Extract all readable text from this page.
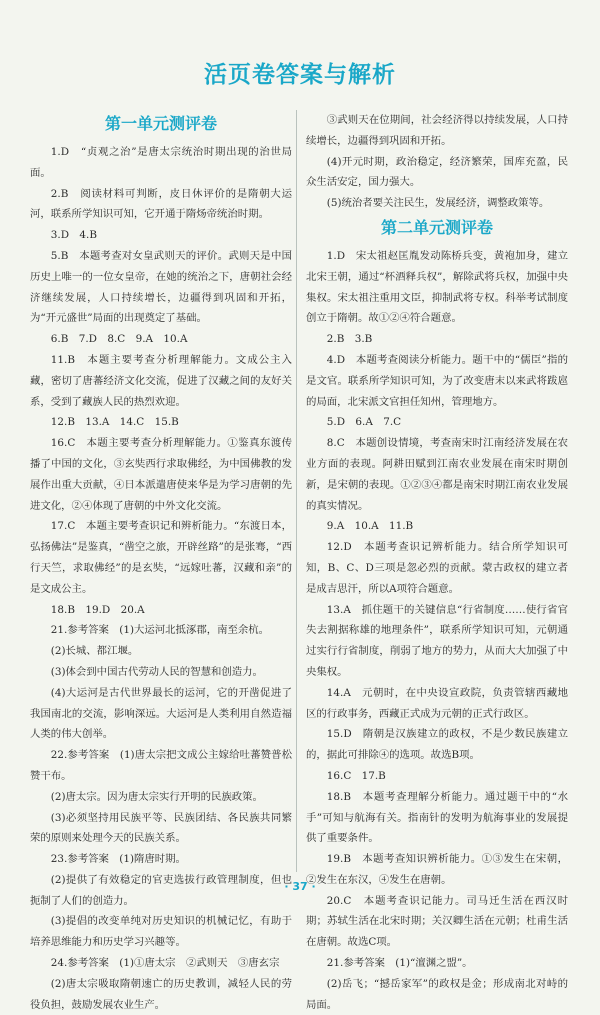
活页卷答案与解析
第一单元测评卷

1.D　“贞观之治”是唐太宗统治时期出现的治世局面。

2.B　阅读材料可判断，皮日休评价的是隋朝大运河，联系所学知识可知，它开通于隋炀帝统治时期。

3.D　4.B

5.B　本题考查对女皇武则天的评价。武则天是中国历史上唯一的一位女皇帝，在她的统治之下，唐朝社会经济继续发展，人口持续增长，边疆得到巩固和开拓，为“开元盛世”局面的出现奠定了基础。

6.B　7.D　8.C　9.A　10.A

11.B　本题主要考查分析理解能力。文成公主入藏，密切了唐蕃经济文化交流，促进了汉藏之间的友好关系，受到了藏族人民的热烈欢迎。

12.B　13.A　14.C　15.B

16.C　本题主要考查分析理解能力。①鉴真东渡传播了中国的文化，③玄奘西行求取佛经，为中国佛教的发展作出重大贡献，④日本派遣唐使来华是为学习唐朝的先进文化，②④体现了唐朝的中外文化交流。

17.C　本题主要考查识记和辨析能力。“东渡日本，弘扬佛法”是鉴真，“凿空之旅，开辟丝路”的是张骞，“西行天竺，求取佛经”的是玄奘，“远嫁吐蕃，汉藏和亲”的是文成公主。

18.B　19.D　20.A

21.参考答案　(1)大运河北抵涿郡，南至余杭。

(2)长城、都江堰。

(3)体会到中国古代劳动人民的智慧和创造力。

(4)大运河是古代世界最长的运河，它的开凿促进了我国南北的交流，影响深远。大运河是人类利用自然造福人类的伟大创举。

22.参考答案　(1)唐太宗把文成公主嫁给吐蕃赞普松赞干布。

(2)唐太宗。因为唐太宗实行开明的民族政策。

(3)必须坚持用民族平等、民族团结、各民族共同繁荣的原则来处理今天的民族关系。

23.参考答案　(1)隋唐时期。

(2)提供了有效稳定的官吏选拔行政管理制度，但也扼制了人们的创造力。

(3)提倡的改变单纯对历史知识的机械记忆，有助于培养思维能力和历史学习兴趣等。

24.参考答案　(1)①唐太宗　②武则天　③唐玄宗

(2)唐太宗吸取隋朝速亡的历史教训，减轻人民的劳役负担，鼓励发展农业生产。

③武则天在位期间，社会经济得以持续发展，人口持续增长，边疆得到巩固和开拓。

(4)开元时期，政治稳定，经济繁荣，国库充盈，民众生活安定，国力强大。

(5)统治者要关注民生，发展经济，调整政策等。

第二单元测评卷

1.D　宋太祖赵匡胤发动陈桥兵变，黄袍加身，建立北宋王朝，通过“杯酒释兵权”，解除武将兵权，加强中央集权。宋太祖注重用文臣，抑制武将专权。科举考试制度创立于隋朝。故①②④符合题意。

2.B　3.B

4.D　本题考查阅读分析能力。题干中的“儒臣”指的是文官。联系所学知识可知，为了改变唐末以来武将跋扈的局面，北宋派文官担任知州，管理地方。

5.D　6.A　7.C

8.C　本题创设情境，考查南宋时江南经济发展在农业方面的表现。阿耕田赋到江南农业发展在南宋时期创新，是宋朝的表现。①②③④都是南宋时期江南农业发展的真实情况。

9.A　10.A　11.B

12.D　本题考查识记辨析能力。结合所学知识可知，B、C、D三项是忽必烈的贡献。蒙古政权的建立者是成吉思汗，所以A项符合题意。

13.A　抓住题干的关键信息“行省制度……使行省官失去割据称雄的地理条件”，联系所学知识可知，元朝通过实行行省制度，削弱了地方的势力，从而大大加强了中央集权。

14.A　元朝时，在中央设宣政院，负责管辖西藏地区的行政事务，西藏正式成为元朝的正式行政区。

15.D　隋朝是汉族建立的政权，不是少数民族建立的，据此可排除④的选项。故选B项。

16.C　17.B

18.B　本题考查理解分析能力。通过题干中的“水手”可知与航海有关。指南针的发明为航海事业的发展提供了重要条件。

19.B　本题考查知识辨析能力。①③发生在宋朝，②发生在东汉，④发生在唐朝。

20.C　本题考查识记能力。司马迁生活在西汉时期；苏轼生活在北宋时期；关汉卿生活在元朝；杜甫生活在唐朝。故选C项。

21.参考答案　(1)“澶渊之盟”。

(2)岳飞；“撼岳家军”的政权是金；形成南北对峙的局面。

· 37 ·
